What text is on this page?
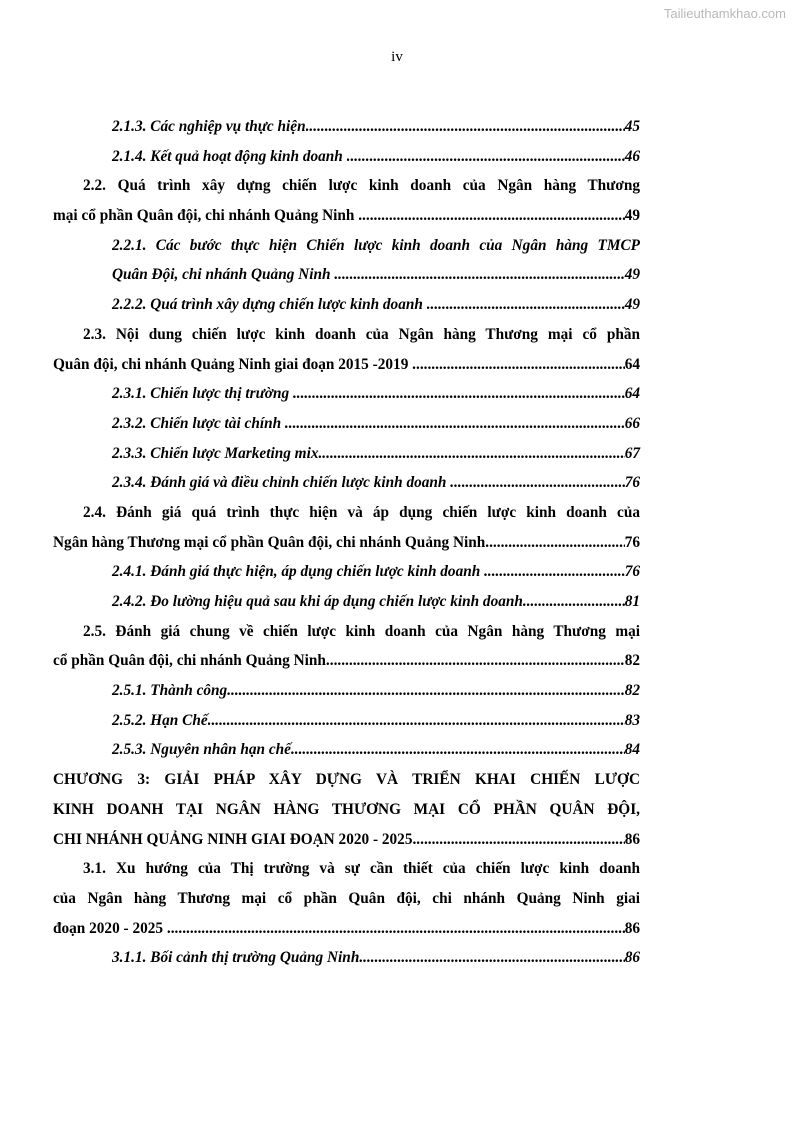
Tailieuthamkhao.com
iv
2.1.3. Các nghiệp vụ thực hiện .....	45
2.1.4. Kết quả hoạt động kinh doanh .....	46
2.2. Quá trình xây dựng chiến lược kinh doanh của Ngân hàng Thương
mại cổ phần Quân đội, chi nhánh Quảng Ninh .....	49
2.2.1. Các bước thực hiện Chiến lược kinh doanh của Ngân hàng TMCP
Quân Đội, chi nhánh Quảng Ninh .....	49
2.2.2. Quá trình xây dựng chiến lược kinh doanh .....	49
2.3. Nội dung chiến lược kinh doanh của Ngân hàng Thương mại cổ phần
Quân đội, chi nhánh Quảng Ninh giai đoạn 2015 -2019 .....	64
2.3.1. Chiến lược thị trường .....	64
2.3.2. Chiến lược tài chính .....	66
2.3.3. Chiến lược Marketing mix .....	67
2.3.4. Đánh giá và điều chỉnh chiến lược kinh doanh .....	76
2.4. Đánh giá quá trình thực hiện và áp dụng chiến lược kinh doanh của
Ngân hàng Thương mại cổ phần Quân đội, chi nhánh Quảng Ninh .....	76
2.4.1. Đánh giá thực hiện, áp dụng chiến lược kinh doanh .....	76
2.4.2. Đo lường hiệu quả sau khi áp dụng chiến lược kinh doanh .....	81
2.5. Đánh giá chung về chiến lược kinh doanh của Ngân hàng Thương mại
cổ phần Quân đội, chi nhánh Quảng Ninh .....	82
2.5.1. Thành công .....	82
2.5.2. Hạn Chế .....	83
2.5.3. Nguyên nhân hạn chế .....	84
CHƯƠNG 3: GIẢI PHÁP XÂY DỰNG VÀ TRIỂN KHAI CHIẾN LƯỢC
KINH DOANH TẠI NGÂN HÀNG THƯƠNG MẠI CỔ PHẦN QUÂN ĐỘI,
CHI NHÁNH QUẢNG NINH GIAI ĐOẠN 2020 - 2025 .....	86
3.1. Xu hướng của Thị trường và sự cần thiết của chiến lược kinh doanh
của Ngân hàng Thương mại cổ phần Quân đội, chi nhánh Quảng Ninh giai
đoạn 2020 - 2025 .....	86
3.1.1. Bối cảnh thị trường Quảng Ninh .....	86
